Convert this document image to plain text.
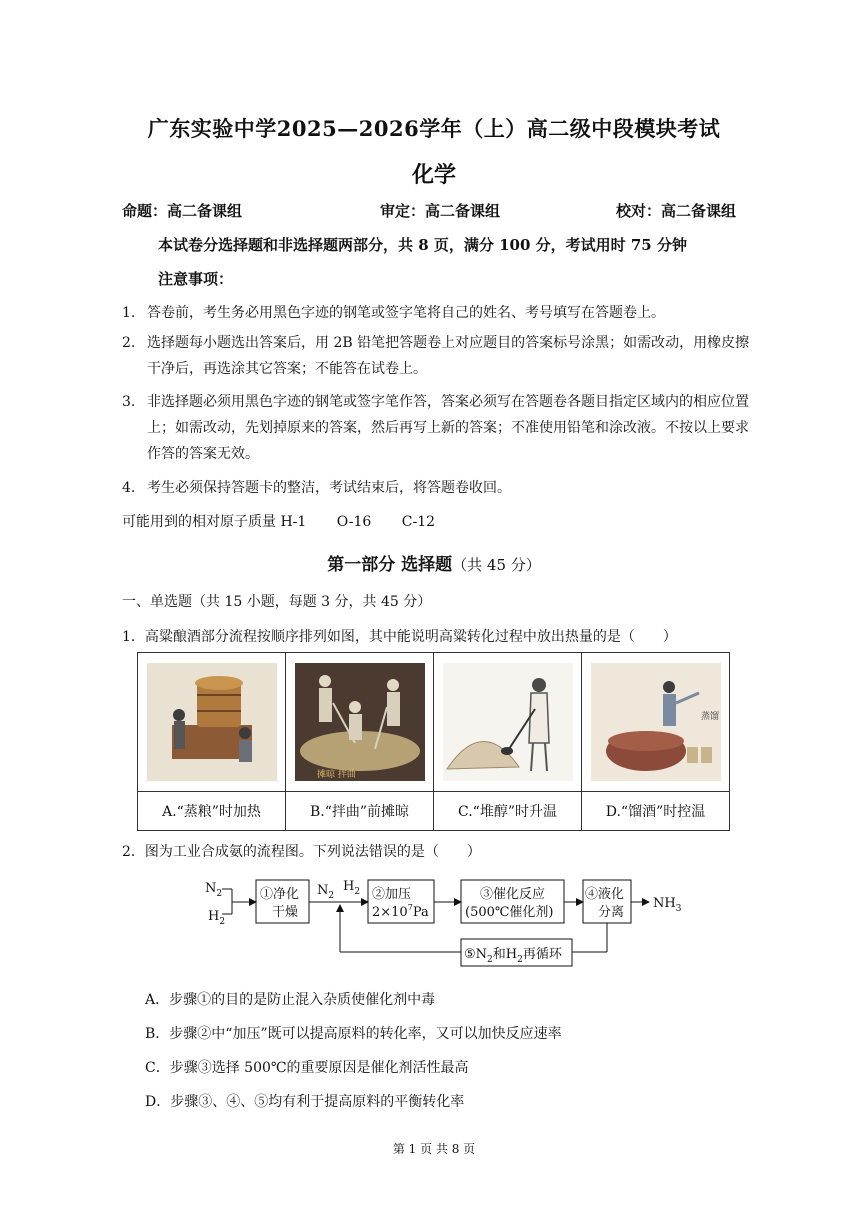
广东实验中学2025—2026学年（上）高二级中段模块考试
化学
命题：高二备课组	审定：高二备课组	校对：高二备课组
本试卷分选择题和非选择题两部分，共 8 页，满分 100 分，考试用时 75 分钟
注意事项：
1. 答卷前，考生务必用黑色字迹的钢笔或签字笔将自己的姓名、考号填写在答题卷上。
2. 选择题每小题选出答案后，用 2B 铅笔把答题卷上对应题目的答案标号涂黑；如需改动，用橡皮擦干净后，再选涂其它答案；不能答在试卷上。
3. 非选择题必须用黑色字迹的钢笔或签字笔作答，答案必须写在答题卷各题目指定区域内的相应位置上；如需改动，先划掉原来的答案，然后再写上新的答案；不准使用铅笔和涂改液。不按以上要求作答的答案无效。
4. 考生必须保持答题卡的整洁，考试结束后，将答题卷收回。
可能用到的相对原子质量 H-1 O-16 C-12
第一部分 选择题（共 45 分）
一、单选题（共 15 小题，每题 3 分，共 45 分）
1．高粱酿酒部分流程按顺序排列如图，其中能说明高粱转化过程中放出热量的是（　　）

摊晾 拌曲		蒸馏

A.“蒸粮”时加热	B.“拌曲”前摊晾	C.“堆醇”时升温	D.“馏酒”时控温
2．图为工业合成氨的流程图。下列说法错误的是（　　）
$N_2$
$H_2$
①净化
干燥
$N_2$
$H_2$ ②加压
$2\times 10^7Pa$
③催化反应
(500℃催化剂)
④液化
分离
$NH_3$
$⑤N_2$和$H_2$再循环
A．步骤①的目的是防止混入杂质使催化剂中毒
B．步骤②中“加压”既可以提高原料的转化率，又可以加快反应速率
C．步骤③选择 500℃的重要原因是催化剂活性最高
D．步骤③、④、⑤均有利于提高原料的平衡转化率
第 1 页 共 8 页
